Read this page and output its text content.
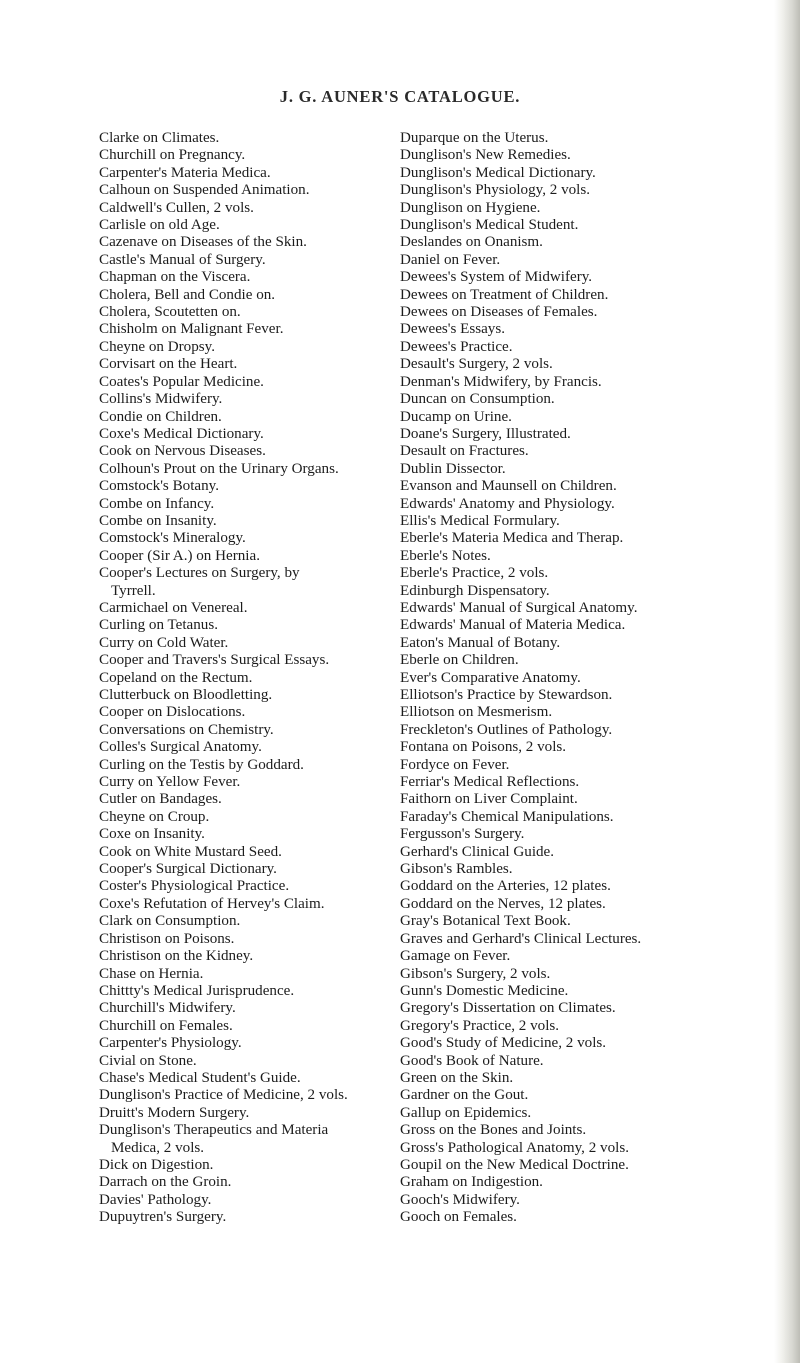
J. G. AUNER'S CATALOGUE.
Clarke on Climates.
Churchill on Pregnancy.
Carpenter's Materia Medica.
Calhoun on Suspended Animation.
Caldwell's Cullen, 2 vols.
Carlisle on old Age.
Cazenave on Diseases of the Skin.
Castle's Manual of Surgery.
Chapman on the Viscera.
Cholera, Bell and Condie on.
Cholera, Scoutetten on.
Chisholm on Malignant Fever.
Cheyne on Dropsy.
Corvisart on the Heart.
Coates's Popular Medicine.
Collins's Midwifery.
Condie on Children.
Coxe's Medical Dictionary.
Cook on Nervous Diseases.
Colhoun's Prout on the Urinary Organs.
Comstock's Botany.
Combe on Infancy.
Combe on Insanity.
Comstock's Mineralogy.
Cooper (Sir A.) on Hernia.
Cooper's Lectures on Surgery, by
Tyrrell.
Carmichael on Venereal.
Curling on Tetanus.
Curry on Cold Water.
Cooper and Travers's Surgical Essays.
Copeland on the Rectum.
Clutterbuck on Bloodletting.
Cooper on Dislocations.
Conversations on Chemistry.
Colles's Surgical Anatomy.
Curling on the Testis by Goddard.
Curry on Yellow Fever.
Cutler on Bandages.
Cheyne on Croup.
Coxe on Insanity.
Cook on White Mustard Seed.
Cooper's Surgical Dictionary.
Coster's Physiological Practice.
Coxe's Refutation of Hervey's Claim.
Clark on Consumption.
Christison on Poisons.
Christison on the Kidney.
Chase on Hernia.
Chittty's Medical Jurisprudence.
Churchill's Midwifery.
Churchill on Females.
Carpenter's Physiology.
Civial on Stone.
Chase's Medical Student's Guide.
Dunglison's Practice of Medicine, 2 vols.
Druitt's Modern Surgery.
Dunglison's Therapeutics and Materia
Medica, 2 vols.
Dick on Digestion.
Darrach on the Groin.
Davies' Pathology.
Dupuytren's Surgery.
Duparque on the Uterus.
Dunglison's New Remedies.
Dunglison's Medical Dictionary.
Dunglison's Physiology, 2 vols.
Dunglison on Hygiene.
Dunglison's Medical Student.
Deslandes on Onanism.
Daniel on Fever.
Dewees's System of Midwifery.
Dewees on Treatment of Children.
Dewees on Diseases of Females.
Dewees's Essays.
Dewees's Practice.
Desault's Surgery, 2 vols.
Denman's Midwifery, by Francis.
Duncan on Consumption.
Ducamp on Urine.
Doane's Surgery, Illustrated.
Desault on Fractures.
Dublin Dissector.
Evanson and Maunsell on Children.
Edwards' Anatomy and Physiology.
Ellis's Medical Formulary.
Eberle's Materia Medica and Therap.
Eberle's Notes.
Eberle's Practice, 2 vols.
Edinburgh Dispensatory.
Edwards' Manual of Surgical Anatomy.
Edwards' Manual of Materia Medica.
Eaton's Manual of Botany.
Eberle on Children.
Ever's Comparative Anatomy.
Elliotson's Practice by Stewardson.
Elliotson on Mesmerism.
Freckleton's Outlines of Pathology.
Fontana on Poisons, 2 vols.
Fordyce on Fever.
Ferriar's Medical Reflections.
Faithorn on Liver Complaint.
Faraday's Chemical Manipulations.
Fergusson's Surgery.
Gerhard's Clinical Guide.
Gibson's Rambles.
Goddard on the Arteries, 12 plates.
Goddard on the Nerves, 12 plates.
Gray's Botanical Text Book.
Graves and Gerhard's Clinical Lectures.
Gamage on Fever.
Gibson's Surgery, 2 vols.
Gunn's Domestic Medicine.
Gregory's Dissertation on Climates.
Gregory's Practice, 2 vols.
Good's Study of Medicine, 2 vols.
Good's Book of Nature.
Green on the Skin.
Gardner on the Gout.
Gallup on Epidemics.
Gross on the Bones and Joints.
Gross's Pathological Anatomy, 2 vols.
Goupil on the New Medical Doctrine.
Graham on Indigestion.
Gooch's Midwifery.
Gooch on Females.
